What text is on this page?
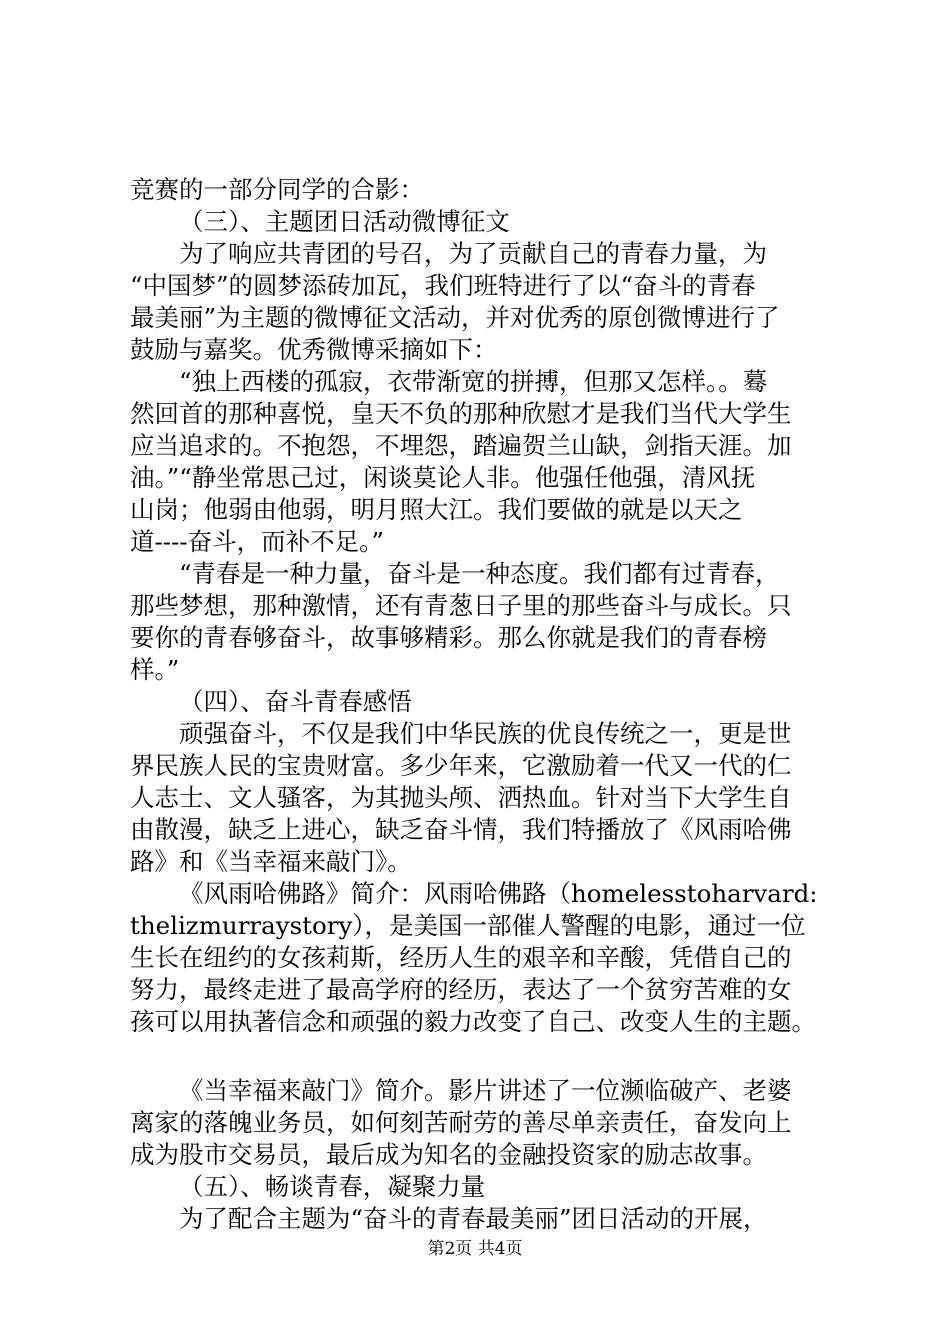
竞赛的一部分同学的合影：
（三）、主题团日活动微博征文
为了响应共青团的号召，为了贡献自己的青春力量，为
“中国梦”的圆梦添砖加瓦，我们班特进行了以“奋斗的青春
最美丽”为主题的微博征文活动，并对优秀的原创微博进行了
鼓励与嘉奖。优秀微博采摘如下：
“独上西楼的孤寂，衣带渐宽的拼搏，但那又怎样。。蓦
然回首的那种喜悦，皇天不负的那种欣慰才是我们当代大学生
应当追求的。不抱怨，不埋怨，踏遍贺兰山缺，剑指天涯。加
油。”“静坐常思己过，闲谈莫论人非。他强任他强，清风抚
山岗；他弱由他弱，明月照大江。我们要做的就是以天之
道----奋斗，而补不足。”
“青春是一种力量，奋斗是一种态度。我们都有过青春，
那些梦想，那种激情，还有青葱日子里的那些奋斗与成长。只
要你的青春够奋斗，故事够精彩。那么你就是我们的青春榜
样。”
（四）、奋斗青春感悟
顽强奋斗，不仅是我们中华民族的优良传统之一，更是世
界民族人民的宝贵财富。多少年来，它激励着一代又一代的仁
人志士、文人骚客，为其抛头颅、洒热血。针对当下大学生自
由散漫，缺乏上进心，缺乏奋斗情，我们特播放了《风雨哈佛
路》和《当幸福来敲门》。
《风雨哈佛路》简介：风雨哈佛路（homelesstoharvard:
thelizmurraystory），是美国一部催人警醒的电影，通过一位
生长在纽约的女孩莉斯，经历人生的艰辛和辛酸，凭借自己的
努力，最终走进了最高学府的经历，表达了一个贫穷苦难的女
孩可以用执著信念和顽强的毅力改变了自己、改变人生的主题。
《当幸福来敲门》简介。影片讲述了一位濒临破产、老婆
离家的落魄业务员，如何刻苦耐劳的善尽单亲责任，奋发向上
成为股市交易员，最后成为知名的金融投资家的励志故事。
（五）、畅谈青春，凝聚力量
为了配合主题为“奋斗的青春最美丽”团日活动的开展，
第2页 共4页
